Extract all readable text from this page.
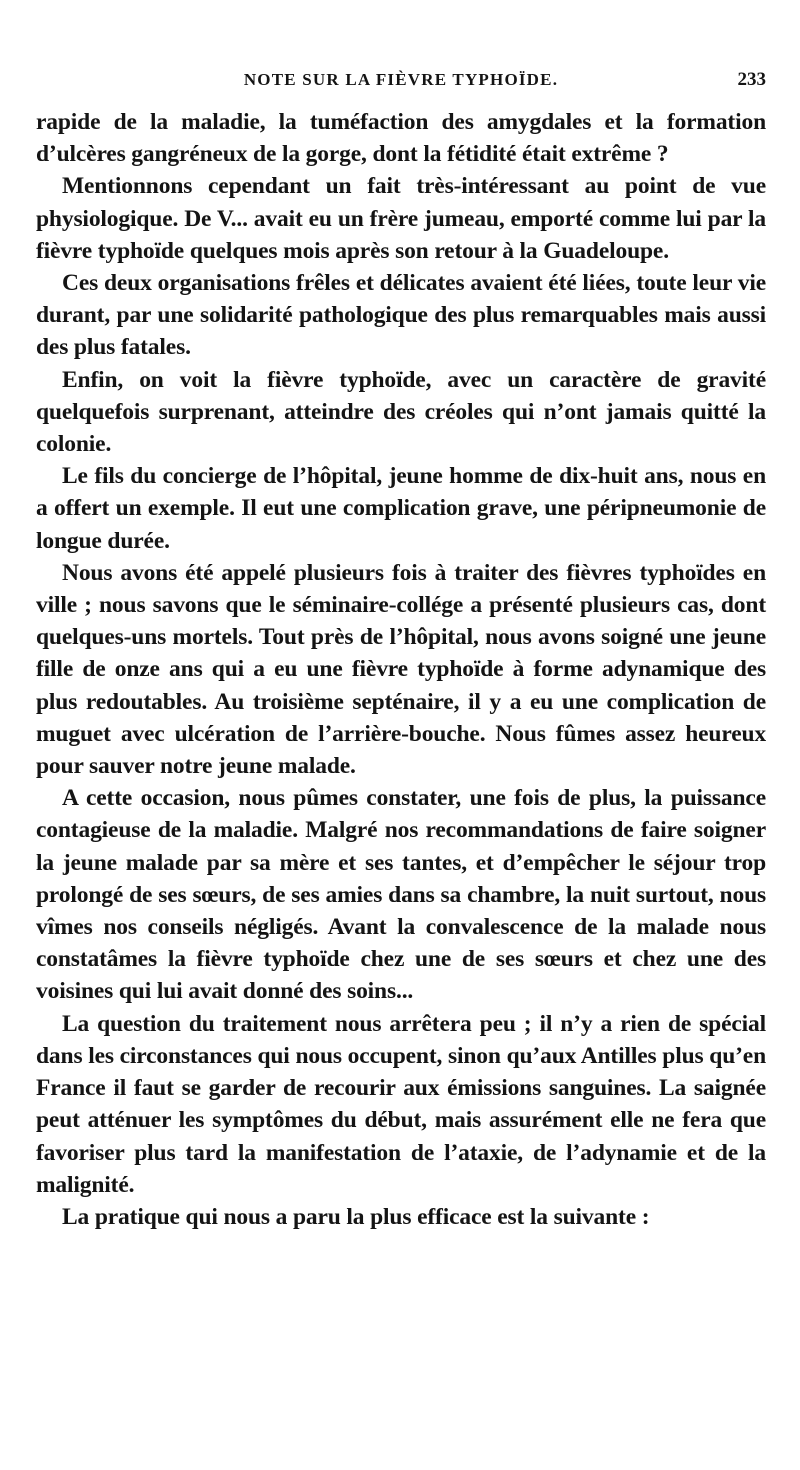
NOTE SUR LA FIÈVRE TYPHOÏDE.	233

rapide de la maladie, la tuméfaction des amygdales et la formation d’ulcères gangréneux de la gorge, dont la fétidité était extrême ?

Mentionnons cependant un fait très-intéressant au point de vue physiologique. De V... avait eu un frère jumeau, emporté comme lui par la fièvre typhoïde quelques mois après son retour à la Guadeloupe.

Ces deux organisations frêles et délicates avaient été liées, toute leur vie durant, par une solidarité pathologique des plus remarquables mais aussi des plus fatales.

Enfin, on voit la fièvre typhoïde, avec un caractère de gravité quelquefois surprenant, atteindre des créoles qui n’ont jamais quitté la colonie.

Le fils du concierge de l’hôpital, jeune homme de dix-huit ans, nous en a offert un exemple. Il eut une complication grave, une péripneumonie de longue durée.

Nous avons été appelé plusieurs fois à traiter des fièvres typhoïdes en ville ; nous savons que le séminaire-collége a présenté plusieurs cas, dont quelques-uns mortels. Tout près de l’hôpital, nous avons soigné une jeune fille de onze ans qui a eu une fièvre typhoïde à forme adynamique des plus redoutables. Au troisième septénaire, il y a eu une complication de muguet avec ulcération de l’arrière-bouche. Nous fûmes assez heureux pour sauver notre jeune malade.

A cette occasion, nous pûmes constater, une fois de plus, la puissance contagieuse de la maladie. Malgré nos recommandations de faire soigner la jeune malade par sa mère et ses tantes, et d’empêcher le séjour trop prolongé de ses sœurs, de ses amies dans sa chambre, la nuit surtout, nous vîmes nos conseils négligés. Avant la convalescence de la malade nous constatâmes la fièvre typhoïde chez une de ses sœurs et chez une des voisines qui lui avait donné des soins...

La question du traitement nous arrêtera peu ; il n’y a rien de spécial dans les circonstances qui nous occupent, sinon qu’aux Antilles plus qu’en France il faut se garder de recourir aux émissions sanguines. La saignée peut atténuer les symptômes du début, mais assurément elle ne fera que favoriser plus tard la manifestation de l’ataxie, de l’adynamie et de la malignité.

La pratique qui nous a paru la plus efficace est la suivante :
